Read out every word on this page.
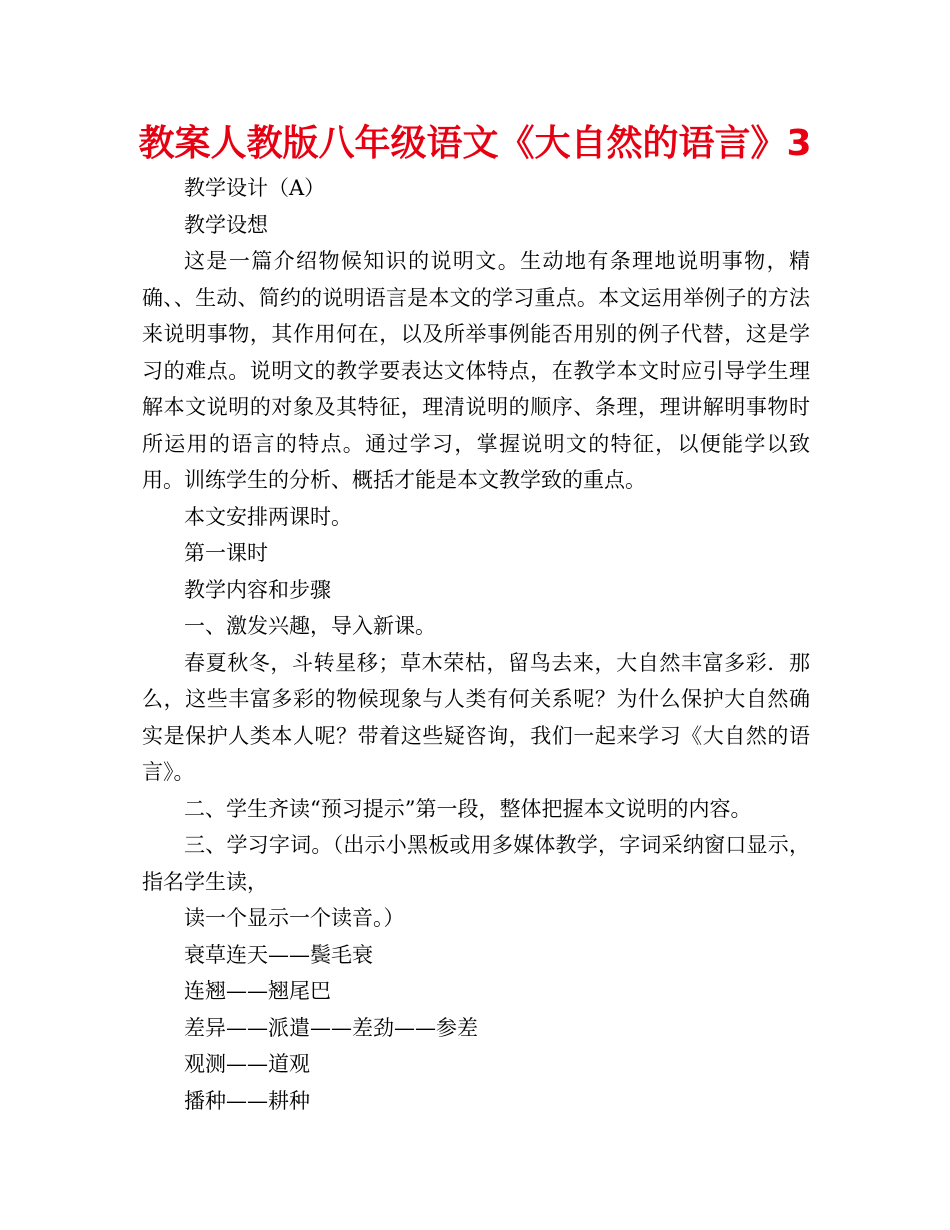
教案人教版八年级语文《大自然的语言》3

教学设计（A）

教学设想

这是一篇介绍物候知识的说明文。生动地有条理地说明事物，精确、、生动、简约的说明语言是本文的学习重点。本文运用举例子的方法来说明事物，其作用何在，以及所举事例能否用别的例子代替，这是学习的难点。说明文的教学要表达文体特点，在教学本文时应引导学生理解本文说明的对象及其特征，理清说明的顺序、条理，理讲解明事物时所运用的语言的特点。通过学习，掌握说明文的特征，以便能学以致用。训练学生的分析、概括才能是本文教学致的重点。

本文安排两课时。

第一课时

教学内容和步骤

一、激发兴趣，导入新课。

春夏秋冬，斗转星移；草木荣枯，留鸟去来，大自然丰富多彩．那么，这些丰富多彩的物候现象与人类有何关系呢？为什么保护大自然确实是保护人类本人呢？带着这些疑咨询，我们一起来学习《大自然的语言》。

二、学生齐读“预习提示”第一段，整体把握本文说明的内容。

三、学习字词。（出示小黑板或用多媒体教学，字词采纳窗口显示，指名学生读，

读一个显示一个读音。）

衰草连天——鬓毛衰

连翘——翘尾巴

差异——派遣——差劲——参差

观测——道观

播种——耕种
